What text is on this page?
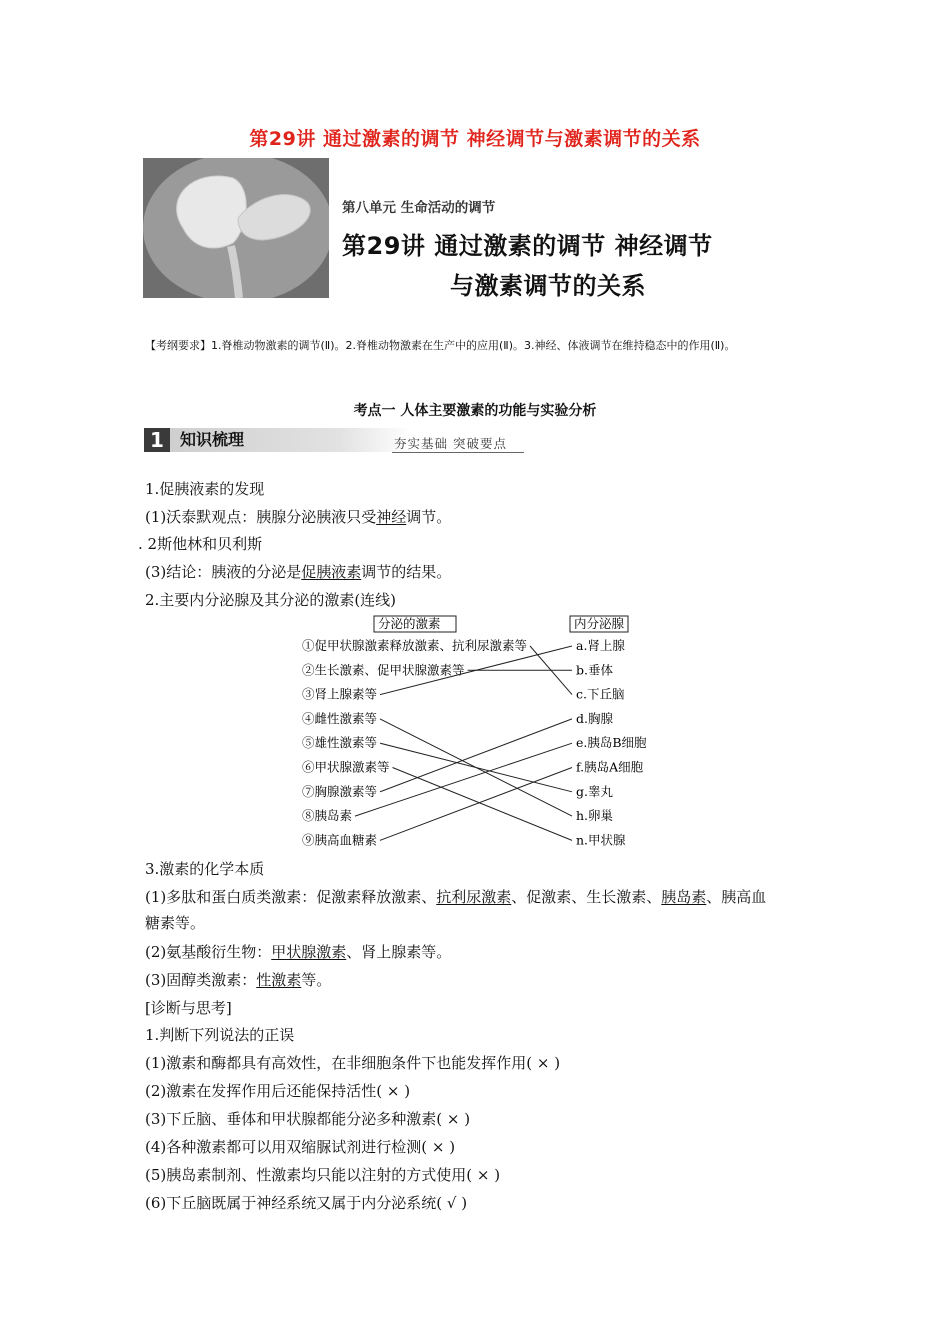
第29讲 通过激素的调节 神经调节与激素调节的关系
第八单元 生命活动的调节
第29讲 通过激素的调节 神经调节
与激素调节的关系
【考纲要求】1.脊椎动物激素的调节(Ⅱ)。2.脊椎动物激素在生产中的应用(Ⅱ)。3.神经、体液调节在维持稳态中的作用(Ⅱ)。
考点一 人体主要激素的功能与实验分析
1	知识梳理	夯实基础 突破要点
1.促胰液素的发现
(1)沃泰默观点：胰腺分泌胰液只受神经调节。
. 2斯他林和贝利斯
(3)结论：胰液的分泌是促胰液素调节的结果。
2.主要内分泌腺及其分泌的激素(连线)
分泌的激素	内分泌腺
①促甲状腺激素释放激素、抗利尿激素等
②生长激素、促甲状腺激素等
③肾上腺素等
④雌性激素等
⑤雄性激素等
⑥甲状腺激素等
⑦胸腺激素等
⑧胰岛素
⑨胰高血糖素
a.肾上腺
b.垂体
c.下丘脑
d.胸腺
e.胰岛B细胞
f.胰岛A细胞
g.睾丸
h.卵巢
n.甲状腺
3.激素的化学本质
(1)多肽和蛋白质类激素：促激素释放激素、抗利尿激素、促激素、生长激素、胰岛素、胰高血
糖素等。
(2)氨基酸衍生物：甲状腺激素、肾上腺素等。
(3)固醇类激素：性激素等。
[诊断与思考]
1.判断下列说法的正误
(1)激素和酶都具有高效性，在非细胞条件下也能发挥作用( × )
(2)激素在发挥作用后还能保持活性( × )
(3)下丘脑、垂体和甲状腺都能分泌多种激素( × )
(4)各种激素都可以用双缩脲试剂进行检测( × )
(5)胰岛素制剂、性激素均只能以注射的方式使用( × )
(6)下丘脑既属于神经系统又属于内分泌系统( √ )
